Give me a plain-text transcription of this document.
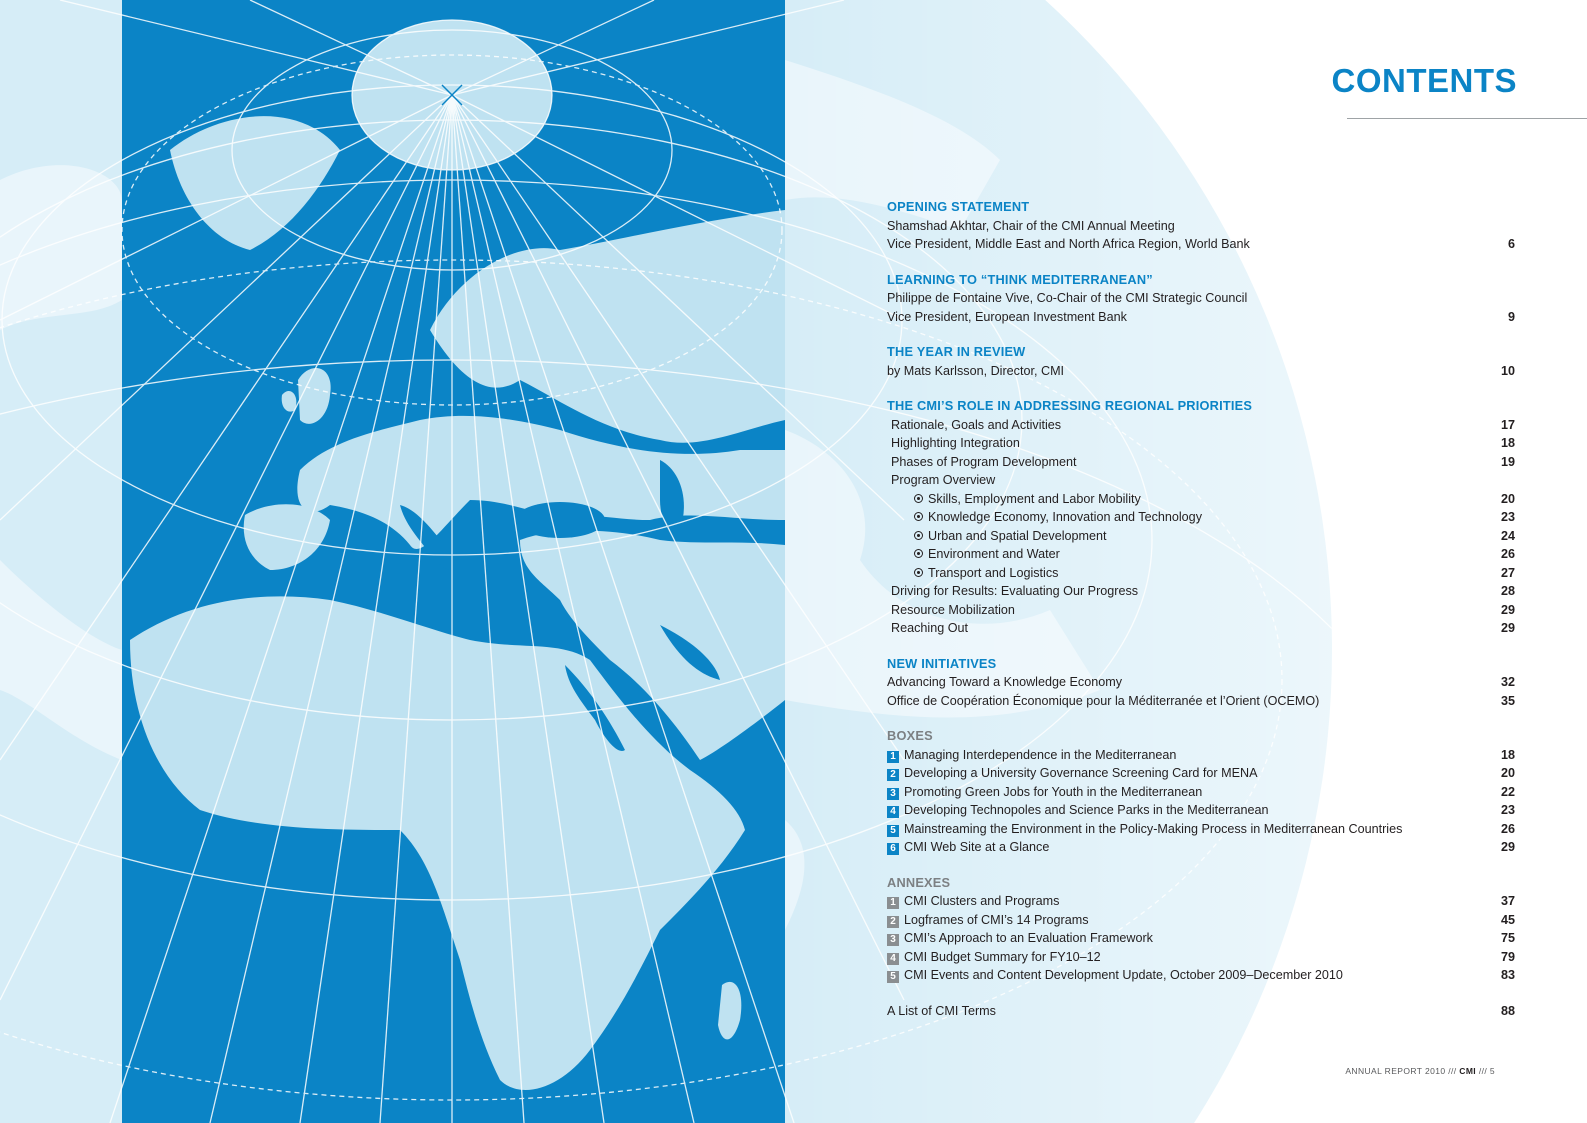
CONTENTS
OPENING STATEMENT
Shamshad Akhtar, Chair of the CMI Annual Meeting
Vice President, Middle East and North Africa Region, World Bank	6
LEARNING TO “THINK MEDITERRANEAN”
Philippe de Fontaine Vive, Co-Chair of the CMI Strategic Council
Vice President, European Investment Bank	9
THE YEAR IN REVIEW
by Mats Karlsson, Director, CMI	10
THE CMI’S ROLE IN ADDRESSING REGIONAL PRIORITIES
Rationale, Goals and Activities	17
Highlighting Integration	18
Phases of Program Development	19
Program Overview
Skills, Employment and Labor Mobility	20
Knowledge Economy, Innovation and Technology	23
Urban and Spatial Development	24
Environment and Water	26
Transport and Logistics	27
Driving for Results: Evaluating Our Progress	28
Resource Mobilization	29
Reaching Out	29
NEW INITIATIVES
Advancing Toward a Knowledge Economy	32
Office de Coopération Économique pour la Méditerranée et l’Orient (OCEMO)	35
BOXES
1 Managing Interdependence in the Mediterranean	18
2 Developing a University Governance Screening Card for MENA	20
3 Promoting Green Jobs for Youth in the Mediterranean	22
4 Developing Technopoles and Science Parks in the Mediterranean	23
5 Mainstreaming the Environment in the Policy-Making Process in Mediterranean Countries	26
6 CMI Web Site at a Glance	29
ANNEXES
1 CMI Clusters and Programs	37
2 Logframes of CMI’s 14 Programs	45
3 CMI’s Approach to an Evaluation Framework	75
4 CMI Budget Summary for FY10–12	79
5 CMI Events and Content Development Update, October 2009–December 2010	83
A List of CMI Terms	88
ANNUAL REPORT 2010 /// CMI /// 5
